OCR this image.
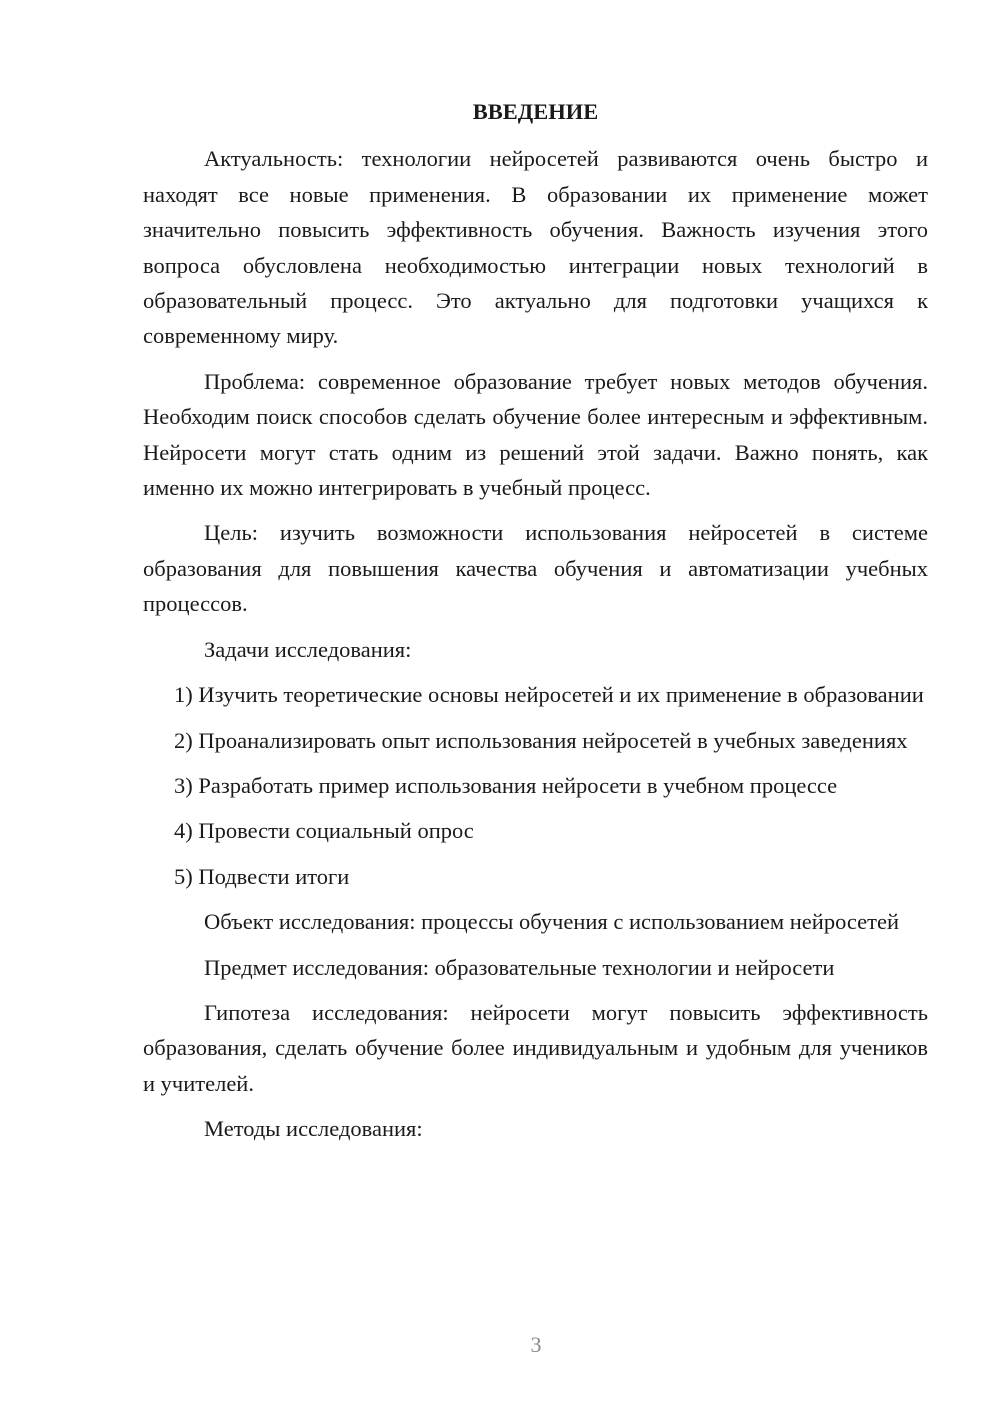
ВВЕДЕНИЕ

Актуальность: технологии нейросетей развиваются очень быстро и находят все новые применения. В образовании их применение может значительно повысить эффективность обучения. Важность изучения этого вопроса обусловлена необходимостью интеграции новых технологий в образовательный процесс. Это актуально для подготовки учащихся к современному миру.

Проблема: современное образование требует новых методов обучения. Необходим поиск способов сделать обучение более интересным и эффективным. Нейросети могут стать одним из решений этой задачи. Важно понять, как именно их можно интегрировать в учебный процесс.

Цель: изучить возможности использования нейросетей в системе образования для повышения качества обучения и автоматизации учебных процессов.

Задачи исследования:

1) Изучить теоретические основы нейросетей и их применение в образовании

2) Проанализировать опыт использования нейросетей в учебных заведениях

3) Разработать пример использования нейросети в учебном процессе

4) Провести социальный опрос

5) Подвести итоги

Объект исследования: процессы обучения с использованием нейросетей

Предмет исследования: образовательные технологии и нейросети

Гипотеза исследования: нейросети могут повысить эффективность образования, сделать обучение более индивидуальным и удобным для учеников и учителей.

Методы исследования:

3
